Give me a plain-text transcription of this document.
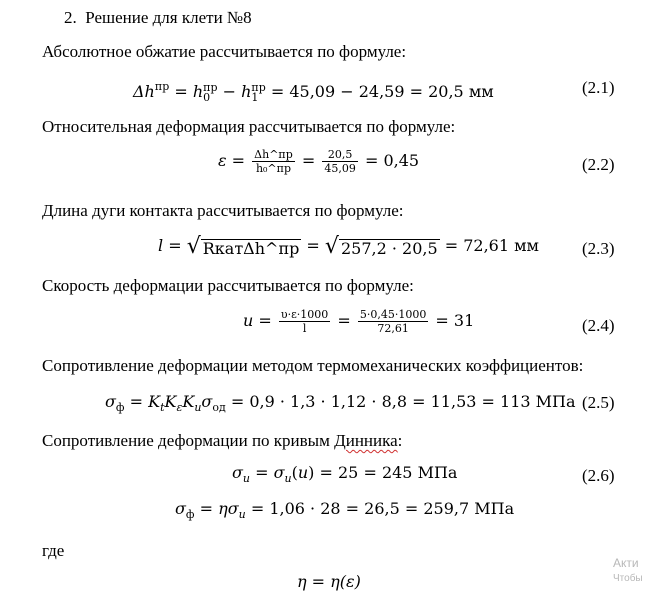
2. Решение для клети №8
Абсолютное обжатие рассчитывается по формуле:
$\Delta h^{пр} = h$ пр
0 − h пр
1 = 45,09 − 24,59 = 20,5 мм	(2.1)
Относительная деформация рассчитывается по формуле:
$\varepsilon = \frac{\Delta h\^{}пр}{\text{h₀\textasciicircum{}пр}} = \frac{20,5}{45,09} = 0,45$	(2.2)
Длина дуги контакта рассчитывается по формуле:
l = √ RкатΔh^пр = √ 257,2 · 20,5 = 72,61 мм	(2.3)
Скорость деформации рассчитывается по формуле:
$u = \frac{\upsilon\cdot\varepsilon\cdot 1000}{l} = \frac{5\cdot 0,45\cdot 1000}{72,61} = 31$	(2.4)
Сопротивление деформации методом термомеханических коэффициентов:
$\sigma_ф = K_tK_\varepsilon K_u\sigma_{од} = 0,9 \cdot 1,3 \cdot 1,12 \cdot 8,8 = 11,53 = 113$ МПа (2.5)
Сопротивление деформации по кривым Динника:
$\sigma_u = \sigma_u(u) = 25 = 245$ МПа	(2.6)
$\sigma_ф = \eta\sigma_u = 1,06 \cdot 28 = 26,5 = 259,7$ МПа
где
η = η(ε)
Акти
Чтобы
